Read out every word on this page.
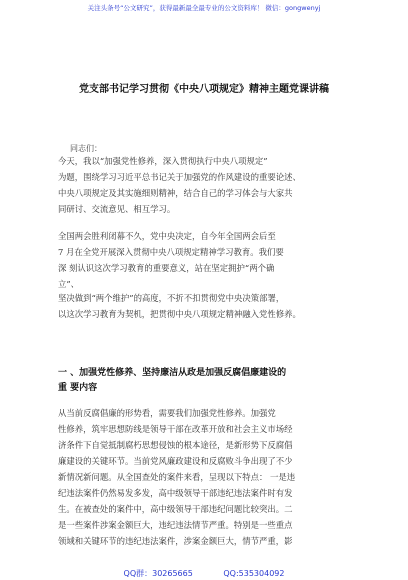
关注头条号“公文研究”，获得最新最全最专业的公文资料库！ 微信：gongwenyj
党支部书记学习贯彻《中央八项规定》精神主题党课讲稿
同志们：
今天，我以“加强党性修养，深入贯彻执行中央八项规定”
为题，围绕学习习近平总书记关于加强党的作风建设的重要论述、
中央八项规定及其实施细则精神，结合自己的学习体会与大家共
同研讨、交流意见、相互学习。
全国两会胜利闭幕不久，党中央决定，自今年全国两会后至
7 月在全党开展深入贯彻中央八项规定精神学习教育。我们要
深 刻认识这次学习教育的重要意义，站在坚定拥护“两个确
立”、
坚决做到“两个维护”的高度，不折不扣贯彻党中央决策部署，
以这次学习教育为契机，把贯彻中央八项规定精神融入党性修养。
一 、加强党性修养、坚持廉洁从政是加强反腐倡廉建设的
重 要内容
从当前反腐倡廉的形势看，需要我们加强党性修养。加强党
性修养，筑牢思想防线是领导干部在改革开放和社会主义市场经
济条件下自觉抵制腐朽思想侵蚀的根本途径，是新形势下反腐倡
廉建设的关键环节。当前党风廉政建设和反腐败斗争出现了不少
新情况新问题。从全国查处的案件来看，呈现以下特点： 一是违
纪违法案件仍然易发多发，高中级领导干部违纪违法案件时有发
生。在被查处的案件中，高中级领导干部违纪问题比较突出。二
是一些案件涉案金额巨大，违纪违法情节严重。特别是一些重点
领域和关键环节的违纪违法案件，涉案金额巨大，情节严重，影
QQ群：30265665	QQ:535304092
